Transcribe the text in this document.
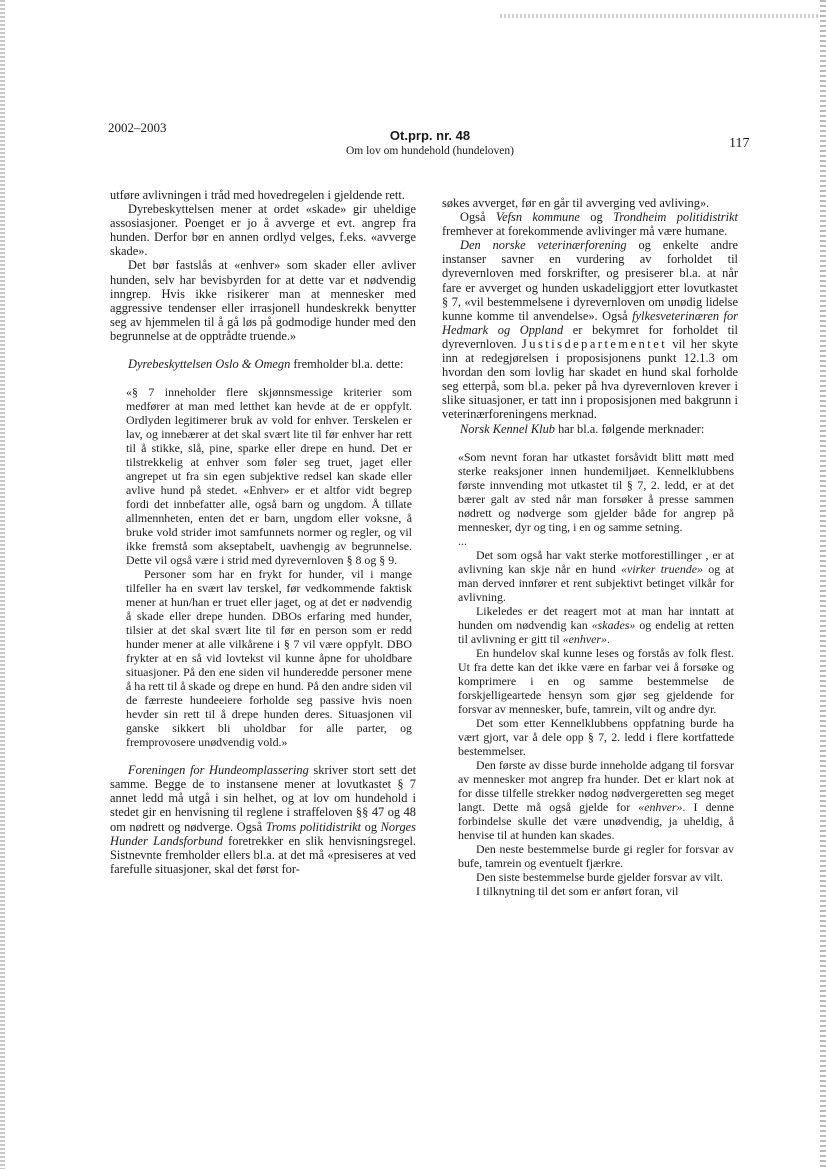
2002–2003
Ot.prp. nr. 48
Om lov om hundehold (hundeloven)	117

utføre avlivningen i tråd med hovedregelen i gjeldende rett.

Dyrebeskyttelsen mener at ordet «skade» gir uheldige assosiasjoner. Poenget er jo å avverge et evt. angrep fra hunden. Derfor bør en annen ordlyd velges, f.eks. «avverge skade».

Det bør fastslås at «enhver» som skader eller avliver hunden, selv har bevisbyrden for at dette var et nødvendig inngrep. Hvis ikke risikerer man at mennesker med aggressive tendenser eller irrasjonell hundeskrekk benytter seg av hjemmelen til å gå løs på godmodige hunder med den begrunnelse at de opptrådte truende.»

Dyrebeskyttelsen Oslo & Omegn fremholder bl.a. dette:

«§ 7 inneholder flere skjønnsmessige kriterier som medfører at man med letthet kan hevde at de er oppfylt. Ordlyden legitimerer bruk av vold for enhver. Terskelen er lav, og innebærer at det skal svært lite til før enhver har rett til å stikke, slå, pine, sparke eller drepe en hund. Det er tilstrekkelig at enhver som føler seg truet, jaget eller angrepet ut fra sin egen subjektive redsel kan skade eller avlive hund på stedet. «Enhver» er et altfor vidt begrep fordi det innbefatter alle, også barn og ungdom. Å tillate allmennheten, enten det er barn, ungdom eller voksne, å bruke vold strider imot samfunnets normer og regler, og vil ikke fremstå som akseptabelt, uavhengig av begrunnelse. Dette vil også være i strid med dyrevernloven § 8 og § 9.

Personer som har en frykt for hunder, vil i mange tilfeller ha en svært lav terskel, før vedkommende faktisk mener at hun/han er truet eller jaget, og at det er nødvendig å skade eller drepe hunden. DBOs erfaring med hunder, tilsier at det skal svært lite til før en person som er redd hunder mener at alle vilkårene i § 7 vil være oppfylt. DBO frykter at en så vid lovtekst vil kunne åpne for uholdbare situasjoner. På den ene siden vil hunderedde personer mene å ha rett til å skade og drepe en hund. På den andre siden vil de færreste hundeeiere forholde seg passive hvis noen hevder sin rett til å drepe hunden deres. Situasjonen vil ganske sikkert bli uholdbar for alle parter, og fremprovosere unødvendig vold.»

Foreningen for Hundeomplassering skriver stort sett det samme. Begge de to instansene mener at lovutkastet § 7 annet ledd må utgå i sin helhet, og at lov om hundehold i stedet gir en henvisning til reglene i straffeloven §§ 47 og 48 om nødrett og nødverge. Også Troms politidistrikt og Norges Hunder Landsforbund foretrekker en slik henvisningsregel. Sistnevnte fremholder ellers bl.a. at det må «presiseres at ved farefulle situasjoner, skal det først for-

søkes avverget, før en går til avverging ved avliving».

Også Vefsn kommune og Trondheim politidistrikt fremhever at forekommende avlivinger må være humane.

Den norske veterinærforening og enkelte andre instanser savner en vurdering av forholdet til dyrevernloven med forskrifter, og presiserer bl.a. at når fare er avverget og hunden uskadeliggjort etter lovutkastet § 7, «vil bestemmelsene i dyrevernloven om unødig lidelse kunne komme til anvendelse». Også fylkesveterinæren for Hedmark og Oppland er bekymret for forholdet til dyrevernloven. Justisdepartementet vil her skyte inn at redegjørelsen i proposisjonens punkt 12.1.3 om hvordan den som lovlig har skadet en hund skal forholde seg etterpå, som bl.a. peker på hva dyrevernloven krever i slike situasjoner, er tatt inn i proposisjonen med bakgrunn i veterinærforeningens merknad.

Norsk Kennel Klub har bl.a. følgende merknader:

«Som nevnt foran har utkastet forsåvidt blitt møtt med sterke reaksjoner innen hundemiljøet. Kennelklubbens første innvending mot utkastet til § 7, 2. ledd, er at det bærer galt av sted når man forsøker å presse sammen nødrett og nødverge som gjelder både for angrep på mennesker, dyr og ting, i en og samme setning.

...

Det som også har vakt sterke motforestillinger , er at avlivning kan skje når en hund «virker truende» og at man derved innfører et rent subjektivt betinget vilkår for avlivning.

Likeledes er det reagert mot at man har inntatt at hunden om nødvendig kan «skades» og endelig at retten til avlivning er gitt til «enhver».

En hundelov skal kunne leses og forstås av folk flest. Ut fra dette kan det ikke være en farbar vei å forsøke og komprimere i en og samme bestemmelse de forskjelligeartede hensyn som gjør seg gjeldende for forsvar av mennesker, bufe, tamrein, vilt og andre dyr.

Det som etter Kennelklubbens oppfatning burde ha vært gjort, var å dele opp § 7, 2. ledd i flere kortfattede bestemmelser.

Den første av disse burde inneholde adgang til forsvar av mennesker mot angrep fra hunder. Det er klart nok at for disse tilfelle strekker nødog nødvergeretten seg meget langt. Dette må også gjelde for «enhver». I denne forbindelse skulle det være unødvendig, ja uheldig, å henvise til at hunden kan skades.

Den neste bestemmelse burde gi regler for forsvar av bufe, tamrein og eventuelt fjærkre.

Den siste bestemmelse burde gjelder forsvar av vilt.

I tilknytning til det som er anført foran, vil
